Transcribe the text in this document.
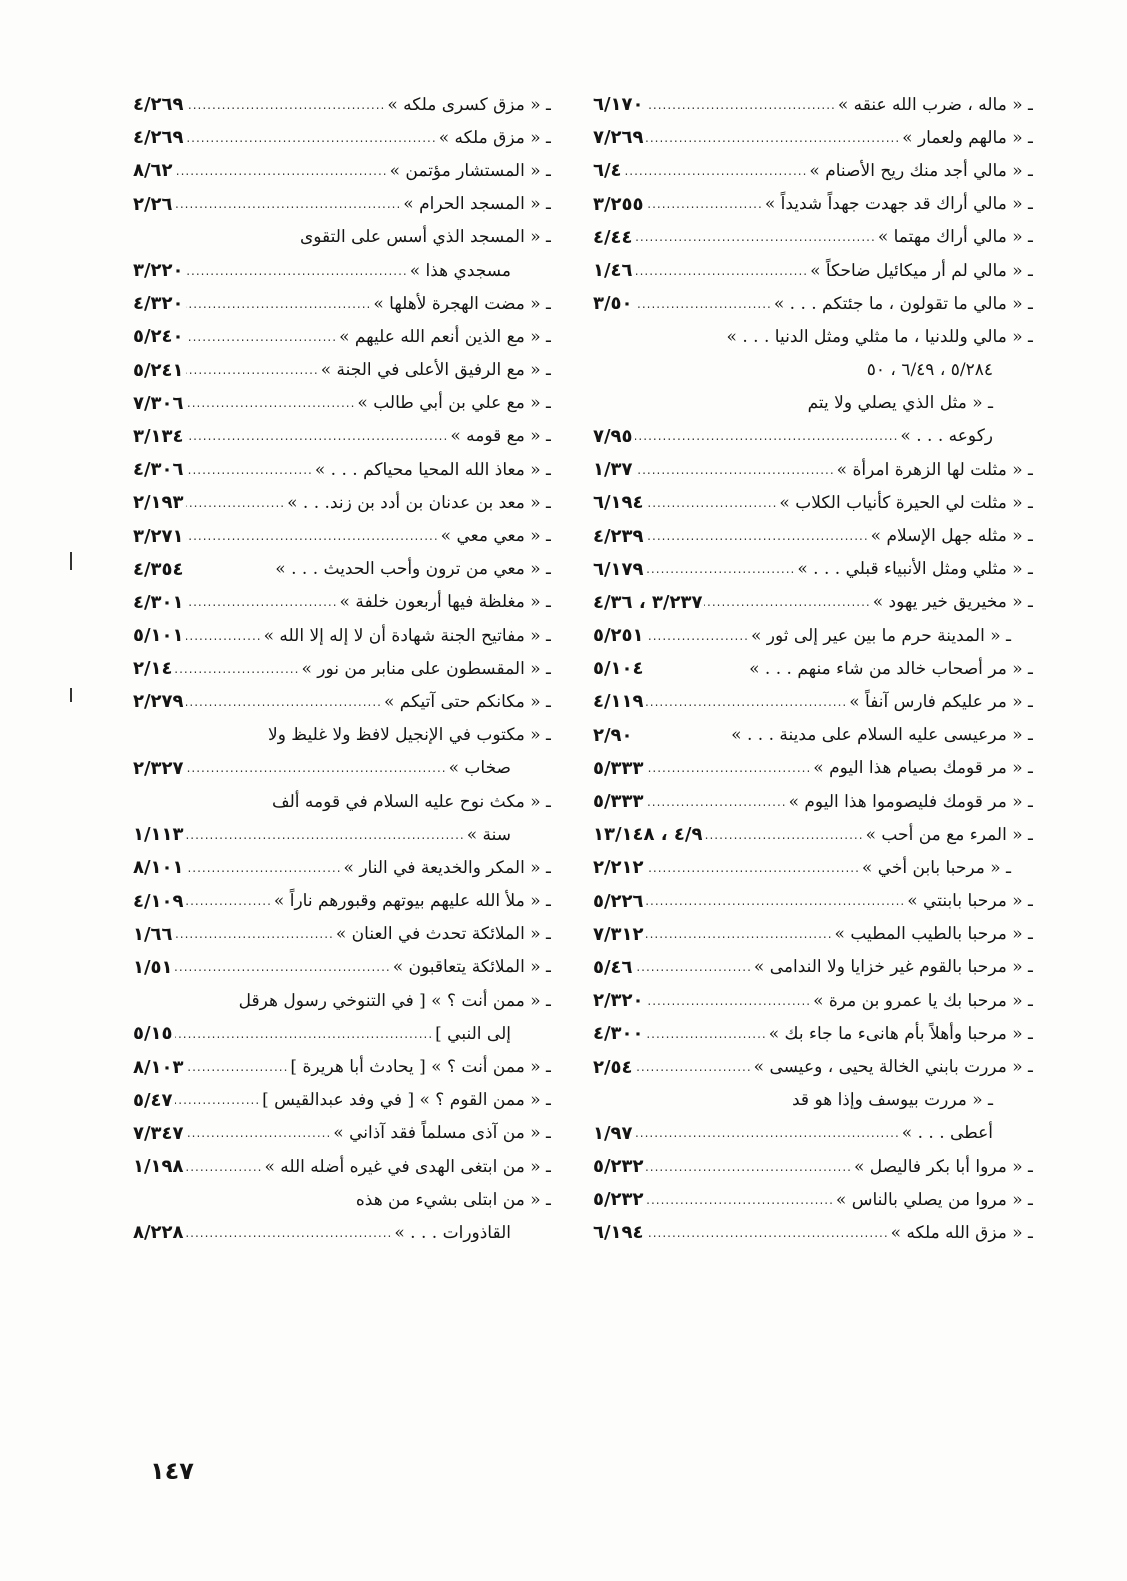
ـ « ماله ، ضرب الله عنقه »
.....
٦/١٧٠
ـ « مالهم ولعمار »
.....
٧/٢٦٩
ـ « مالي أجد منك ريح الأصنام »
.....
٦/٤
ـ « مالي أراك قد جهدت جهداً شديداً »
.....
٣/٢٥٥
ـ « مالي أراك مهتما »
.....
٤/٤٤
ـ « مالي لم أر ميكائيل ضاحكاً »
.....
١/٤٦
ـ « مالي ما تقولون ، ما جئتكم . . . »
.....
٣/٥٠
ـ « مالي وللدنيا ، ما مثلي ومثل الدنيا . . . »
٥/٢٨٤ ، ٦/٤٩ ، ٥٠
ـ « مثل الذي يصلي ولا يتم
ركوعه . . . »
.....
٧/٩٥
ـ « مثلت لها الزهرة امرأة »
.....
١/٣٧
ـ « مثلت لي الحيرة كأنياب الكلاب »
.....
٦/١٩٤
ـ « مثله جهل الإسلام »
.....
٤/٢٣٩
ـ « مثلي ومثل الأنبياء قبلي . . . »
.....
٦/١٧٩
ـ « مخيريق خير يهود »
.....
٣/٢٣٧ ، ٤/٣٦
ـ « المدينة حرم ما بين عير إلى ثور »
.....
٥/٢٥١
ـ « مر أصحاب خالد من شاء منهم . . . »
٥/١٠٤
ـ « مر عليكم فارس آنفاً »
.....
٤/١١٩
ـ « مرعيسى عليه السلام على مدينة . . . »
٢/٩٠
ـ « مر قومك بصيام هذا اليوم »
.....
٥/٣٣٣
ـ « مر قومك فليصوموا هذا اليوم »
.....
٥/٣٣٣
ـ « المرء مع من أحب »
.....
٤/٩ ، ١٣/١٤٨
ـ « مرحبا بابن أخي »
.....
٢/٢١٢
ـ « مرحبا بابنتي »
.....
٥/٢٢٦
ـ « مرحبا بالطيب المطيب »
.....
٧/٣١٢
ـ « مرحبا بالقوم غير خزايا ولا الندامى »
.....
٥/٤٦
ـ « مرحبا بك يا عمرو بن مرة »
.....
٢/٣٢٠
ـ « مرحبا وأهلاً بأم هانىء ما جاء بك »
.....
٤/٣٠٠
ـ « مررت بابني الخالة يحيى ، وعيسى »
.....
٢/٥٤
ـ « مررت بيوسف وإذا هو قد
أعطى . . . »
.....
١/٩٧
ـ « مروا أبا بكر فاليصل »
.....
٥/٢٣٢
ـ « مروا من يصلي بالناس »
.....
٥/٢٣٢
ـ « مزق الله ملكه »
.....
٦/١٩٤
ـ « مزق كسرى ملكه »
.....
٤/٢٦٩
ـ « مزق ملكه »
.....
٤/٢٦٩
ـ « المستشار مؤتمن »
.....
٨/٦٢
ـ « المسجد الحرام »
.....
٢/٢٦
ـ « المسجد الذي أسس على التقوى
مسجدي هذا »
.....
٣/٢٢٠
ـ « مضت الهجرة لأهلها »
.....
٤/٣٢٠
ـ « مع الذين أنعم الله عليهم »
.....
٥/٢٤٠
ـ « مع الرفيق الأعلى في الجنة »
.....
٥/٢٤١
ـ « مع علي بن أبي طالب »
.....
٧/٣٠٦
ـ « مع قومه »
.....
٣/١٣٤
ـ « معاذ الله المحيا محياكم . . . »
.....
٤/٣٠٦
ـ « معد بن عدنان بن أدد بن زند. . . »
.....
٢/١٩٣
ـ « معي معي »
.....
٣/٢٧١
ـ « معي من ترون وأحب الحديث . . . »
٤/٣٥٤
ـ « مغلظة فيها أربعون خلفة »
.....
٤/٣٠١
ـ « مفاتيح الجنة شهادة أن لا إله إلا الله »
.....
٥/١٠١
ـ « المقسطون على منابر من نور »
.....
٢/١٤
ـ « مكانكم حتى آتيكم »
.....
٢/٢٧٩
ـ « مكتوب في الإنجيل لافظ ولا غليظ ولا
صخاب »
.....
٢/٣٢٧
ـ « مكث نوح عليه السلام في قومه ألف
سنة »
.....
١/١١٣
ـ « المكر والخديعة في النار »
.....
٨/١٠١
ـ « ملأ الله عليهم بيوتهم وقبورهم ناراً »
.....
٤/١٠٩
ـ « الملائكة تحدث في العنان »
.....
١/٦٦
ـ « الملائكة يتعاقبون »
.....
١/٥١
ـ « ممن أنت ؟ » [ في التنوخي رسول هرقل
إلى النبي ]
.....
٥/١٥
ـ « ممن أنت ؟ » [ يحادث أبا هريرة ]
.....
٨/١٠٣
ـ « ممن القوم ؟ » [ في وفد عبدالقيس ]
.....
٥/٤٧
ـ « من آذى مسلماً فقد آذاني »
.....
٧/٣٤٧
ـ « من ابتغى الهدى في غيره أضله الله »
.....
١/١٩٨
ـ « من ابتلى بشيء من هذه
القاذورات . . . »
.....
٨/٢٢٨
١٤٧
